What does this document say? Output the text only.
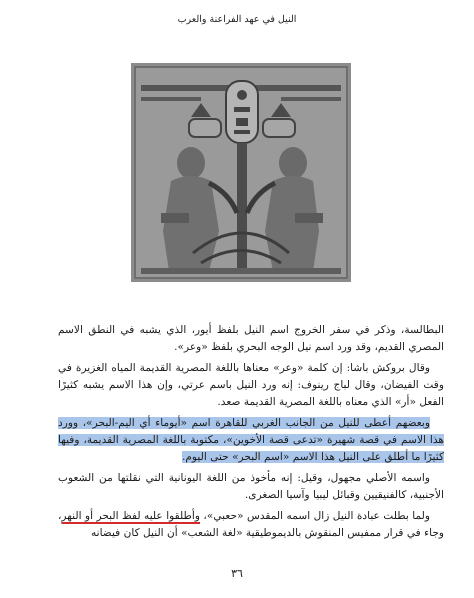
النيل في عهد الفراعنة والعرب

البطالسة، وذكر في سفر الخروج اسم النيل بلفظ أيور، الذي يشبه في النطق الاسم المصري القديم، وقد ورد اسم نيل الوجه البحري بلفظ «وعر».

وقال بروكش باشا: إن كلمة «وعر» معناها باللغة المصرية القديمة المياه الغزيرة في وقت الفيضان، وقال لباج رينوف: إنه ورد النيل باسم عرتي، وإن هذا الاسم يشبه كثيرًا الفعل «أر» الذي معناه باللغة المصرية القديمة صعد.

وبعضهم أعطى للنيل من الجانب الغربي للقاهرة اسم «أيوماء أي اليم-البحر»، وورد هذا الاسم في قصة شهيرة «تدعى قصة الأخوين»، مكتوبة باللغة المصرية القديمة، وفيها كثيرًا ما أطلق على النيل هذا الاسم «اسم البحر» حتى اليوم.

واسمه الأصلي مجهول، وقيل: إنه مأخوذ من اللغة اليونانية التي نقلتها من الشعوب الأجنبية، كالفنيقيين وقبائل ليبيا وآسيا الصغرى.

ولما بطلت عبادة النيل زال اسمه المقدس «حعبي»، وأطلقوا عليه لفظ البحر أو النهر، وجاء في قرار ممفيس المنقوش بالديموطيقية «لغة الشعب» أن النيل كان فيضانه

٣٦
